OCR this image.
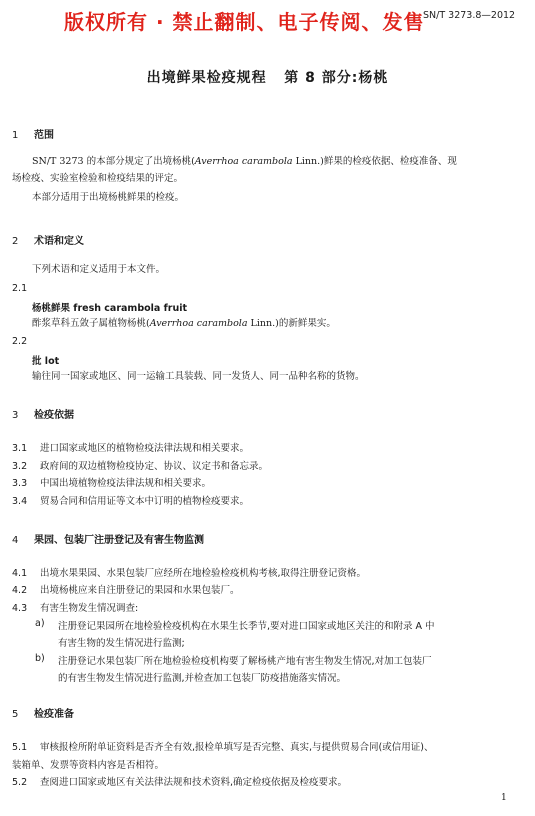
版权所有 · 禁止翻制、电子传阅、发售
SN/T 3273.8—2012
出境鲜果检疫规程   第 8 部分:杨桃
1 范围
SN/T 3273 的本部分规定了出境杨桃(Averrhoa carambola Linn.)鲜果的检疫依据、检疫准备、现
场检疫、实验室检验和检疫结果的评定。
本部分适用于出境杨桃鲜果的检疫。
2 术语和定义
下列术语和定义适用于本文件。
2.1
杨桃鲜果 fresh carambola fruit
酢浆草科五敛子属植物杨桃(Averrhoa carambola Linn.)的新鲜果实。
2.2
批 lot
输往同一国家或地区、同一运输工具装载、同一发货人、同一品种名称的货物。
3 检疫依据
3.1 进口国家或地区的植物检疫法律法规和相关要求。
3.2 政府间的双边植物检疫协定、协议、议定书和备忘录。
3.3 中国出境植物检疫法律法规和相关要求。
3.4 贸易合同和信用证等文本中订明的植物检疫要求。
4 果园、包装厂注册登记及有害生物监测
4.1 出境水果果园、水果包装厂应经所在地检验检疫机构考核,取得注册登记资格。
4.2 出境杨桃应来自注册登记的果园和水果包装厂。
4.3 有害生物发生情况调查:
a) 注册登记果园所在地检验检疫机构在水果生长季节,要对进口国家或地区关注的和附录 A 中
有害生物的发生情况进行监测;
b) 注册登记水果包装厂所在地检验检疫机构要了解杨桃产地有害生物发生情况,对加工包装厂
的有害生物发生情况进行监测,并检查加工包装厂防疫措施落实情况。
5 检疫准备
5.1 审核报检所附单证资料是否齐全有效,报检单填写是否完整、真实,与提供贸易合同(或信用证)、
装箱单、发票等资料内容是否相符。
5.2 查阅进口国家或地区有关法律法规和技术资料,确定检疫依据及检疫要求。
1
